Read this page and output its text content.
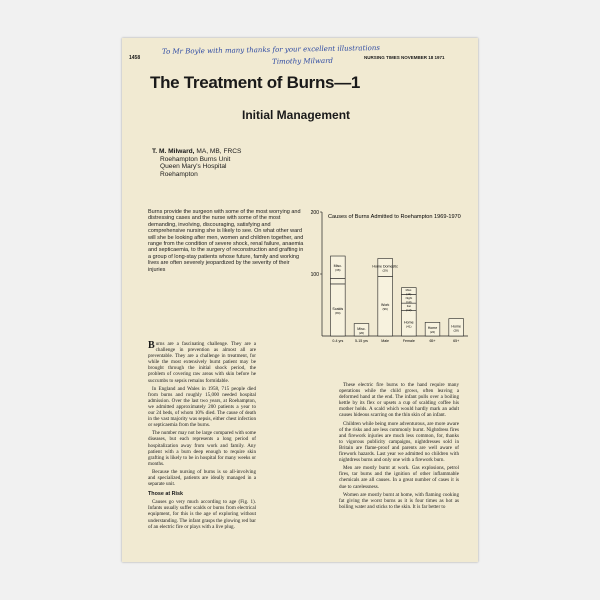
To Mr Boyle with many thanks for your excellent illustrations
Timothy Milward
1458	NURSING TIMES NOVEMBER 18 1971
The Treatment of Burns—1
Initial Management
T. M. Milward, MA, MB, FRCS
Roehampton Burns Unit
Queen Mary's Hospital
Roehampton
Burns provide the surgeon with some of the most worrying and distressing cases and the nurse with some of the most demanding, involving, discouraging, satisfying and comprehensive nursing she is likely to see. On what other ward will she be looking after men, women and children together, and range from the condition of severe shock, renal failure, anaemia and septicaemia, to the surgery of reconstruction and grafting in a group of long-stay patients whose future, family and working lives are often severely jeopardized by the severity of their injuries
100
200
Causes of Burns Admitted to Roehampton 1969-1970
Scalds
(84)
Misc.
(36)
0-4 yrs
Misc.
(20)
5-15 yrs
Work
(96)
Home Domestic
(29)
Male
Home
(41)
Fat
(12)
Night
(14)
Misc.
(11)
Female
Home
(22)
65+
Home
(28)
65+

Burns are a fascinating challenge. They are a challenge in prevention as almost all are preventable. They are a challenge in treatment, for while the most extensively burnt patient may be brought through the initial shock period, the problem of covering raw areas with skin before he succumbs to sepsis remains formidable.

In England and Wales in 1958, 715 people died from burns and roughly 15,000 needed hospital admission. Over the last two years, at Roehampton, we admitted approximately 200 patients a year to our 24 beds, of whom 10% died. The cause of death in the vast majority was sepsis, either chest infection or septicaemia from the burns.

The number may not be large compared with some diseases, but each represents a long period of hospitalization away from work and family. Any patient with a burn deep enough to require skin grafting is likely to be in hospital for many weeks or months.

Because the nursing of burns is so all-involving and specialized, patients are ideally managed in a separate unit.

Those at Risk

Causes go very much according to age (Fig. 1). Infants usually suffer scalds or burns from electrical equipment, for this is the age of exploring without understanding. The infant grasps the glowing red bar of an electric fire or plays with a live plug.

These electric fire burns to the hand require many operations while the child grows, often leaving a deformed hand at the end. The infant pulls over a boiling kettle by its flex or upsets a cup of scalding coffee his mother holds. A scald which would hardly mark an adult causes hideous scarring on the thin skin of an infant.

Children while being more adventurous, are more aware of the risks and are less commonly burnt. Nightdress fires and firework injuries are much less common, for, thanks to vigorous publicity campaigns, nightdresses sold in Britain are flame-proof and parents are well aware of firework hazards. Last year we admitted no children with nightdress burns and only one with a firework burn.

Men are mostly burnt at work. Gas explosions, petrol fires, tar burns and the ignition of other inflammable chemicals are all causes. In a great number of cases it is due to carelessness.

Women are mostly burnt at home, with flaming cooking fat giving the worst burns as it is four times as hot as boiling water and sticks to the skin. It is far better to
